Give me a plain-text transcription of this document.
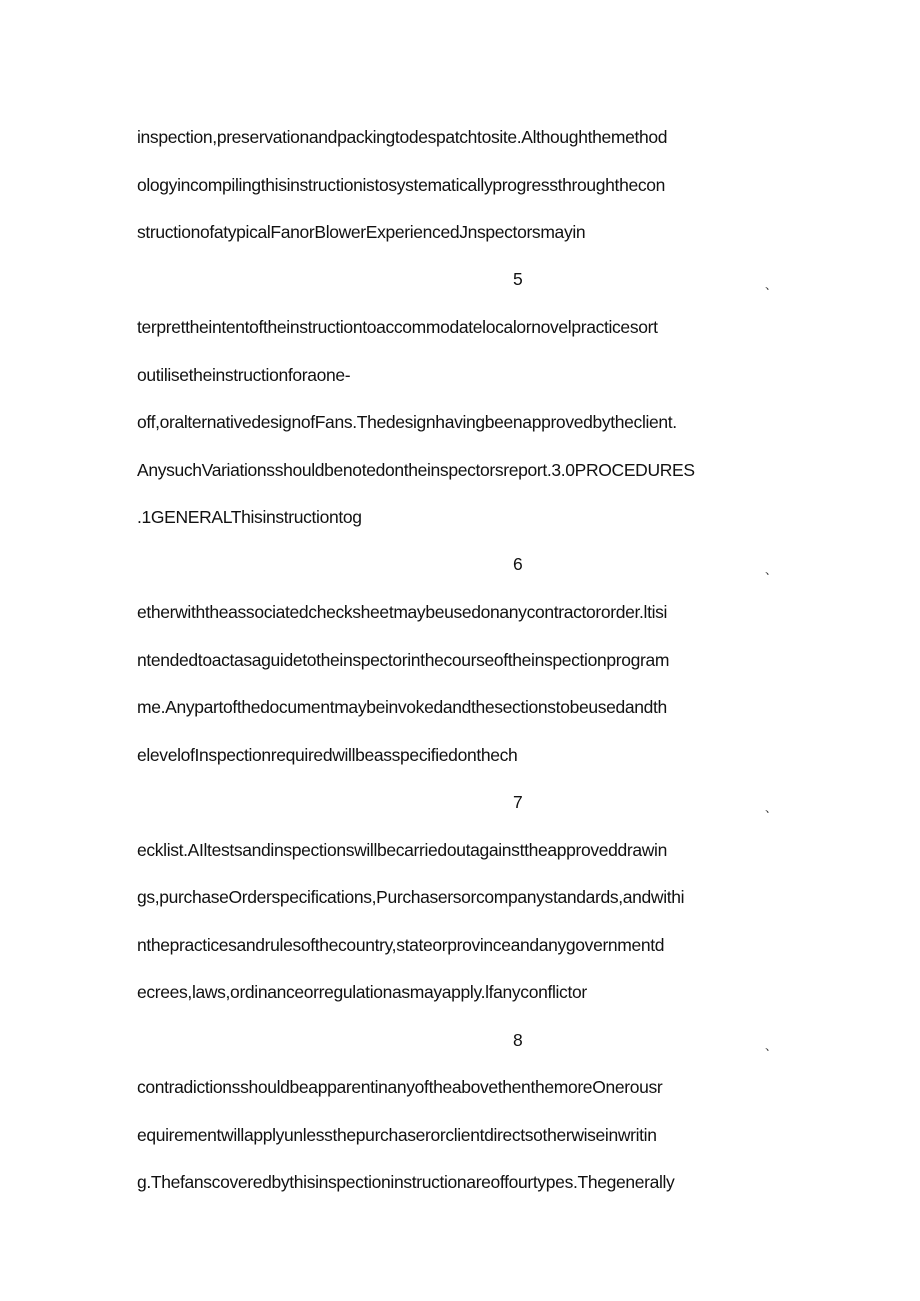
inspection,preservationandpackingtodespatchtosite.Althoughthemethod
ologyincompilingthisinstructionistosystematicallyprogressthroughthecon
structionofatypicalFanorBlowerExperiencedJnspectorsmayin
5	、
terprettheintentoftheinstructiontoaccommodatelocalornovelpracticesort
outilisetheinstructionforaone-
off,oralternativedesignofFans.Thedesignhavingbeenapprovedbytheclient.
AnysuchVariationsshouldbenotedontheinspectorsreport.3.0PROCEDURES
.1GENERALThisinstructiontog
6	、
etherwiththeassociatedchecksheetmaybeusedonanycontractororder.ltisi
ntendedtoactasaguidetotheinspectorinthecourseoftheinspectionprogram
me.Anypartofthedocumentmaybeinvokedandthesectionstobeusedandth
elevelofInspectionrequiredwillbeasspecifiedonthech
7	、
ecklist.AIltestsandinspectionswillbecarriedoutagainsttheapproveddrawin
gs,purchaseOrderspecifications,Purchasersorcompanystandards,andwithi
nthepracticesandrulesofthecountry,stateorprovinceandanygovernmentd
ecrees,laws,ordinanceorregulationasmayapply.lfanyconflictor
8	、
contradictionsshouldbeapparentinanyoftheabovethenthemoreOnerousr
equirementwillapplyunlessthepurchaserorclientdirectsotherwiseinwritin
g.Thefanscoveredbythisinspectioninstructionareoffourtypes.Thegenerally
